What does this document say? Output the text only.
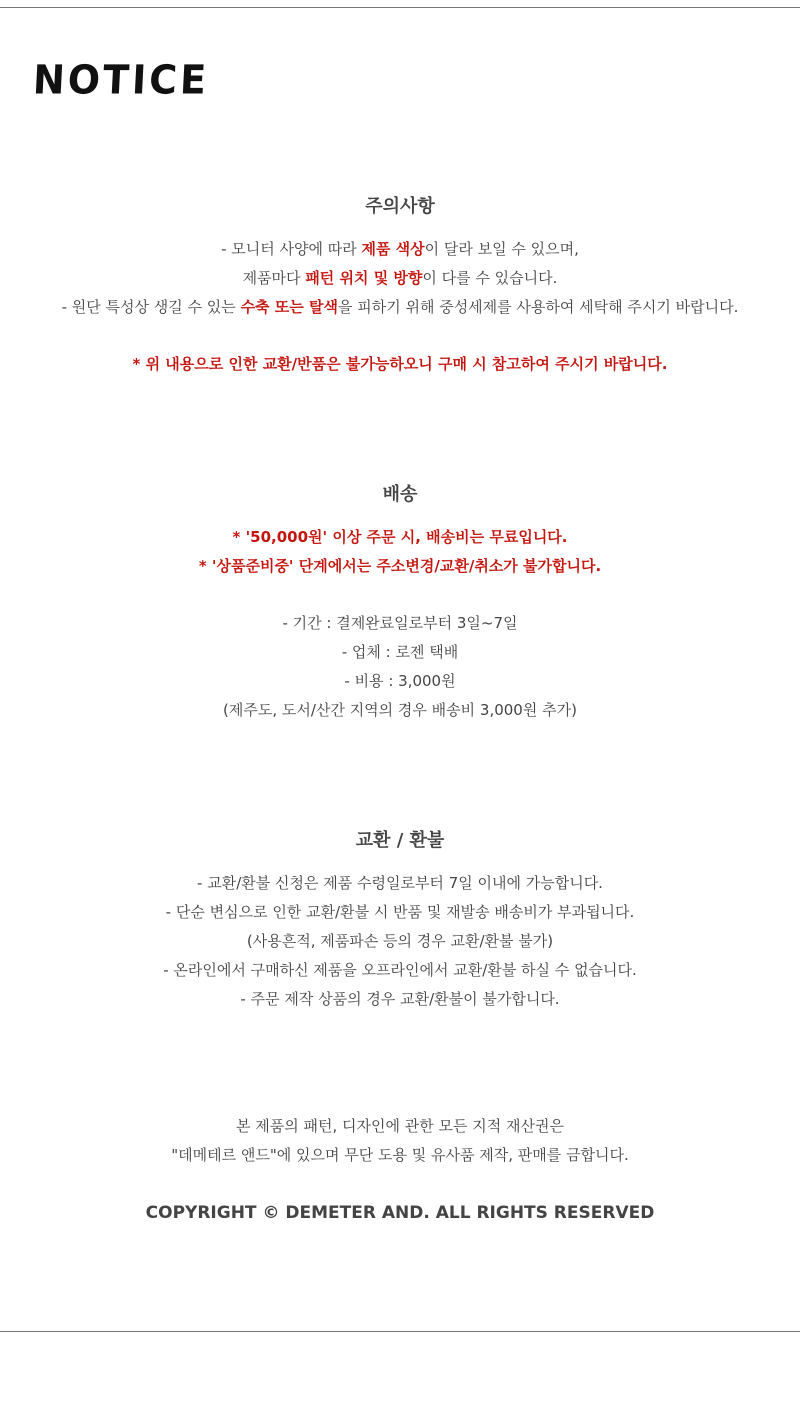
NOTICE
주의사항
- 모니터 사양에 따라 제품 색상이 달라 보일 수 있으며,
제품마다 패턴 위치 및 방향이 다를 수 있습니다.
- 원단 특성상 생길 수 있는 수축 또는 탈색을 피하기 위해 중성세제를 사용하여 세탁해 주시기 바랍니다.
* 위 내용으로 인한 교환/반품은 불가능하오니 구매 시 참고하여 주시기 바랍니다.
배송
* '50,000원' 이상 주문 시, 배송비는 무료입니다.
* '상품준비중' 단계에서는 주소변경/교환/취소가 불가합니다.
- 기간 : 결제완료일로부터 3일~7일
- 업체 : 로젠 택배
- 비용 : 3,000원
(제주도, 도서/산간 지역의 경우 배송비 3,000원 추가)
교환 / 환불
- 교환/환불 신청은 제품 수령일로부터 7일 이내에 가능합니다.
- 단순 변심으로 인한 교환/환불 시 반품 및 재발송 배송비가 부과됩니다.
(사용흔적, 제품파손 등의 경우 교환/환불 불가)
- 온라인에서 구매하신 제품을 오프라인에서 교환/환불 하실 수 없습니다.
- 주문 제작 상품의 경우 교환/환불이 불가합니다.
본 제품의 패턴, 디자인에 관한 모든 지적 재산권은
"데메테르 앤드"에 있으며 무단 도용 및 유사품 제작, 판매를 금합니다.
COPYRIGHT © DEMETER AND. ALL RIGHTS RESERVED
